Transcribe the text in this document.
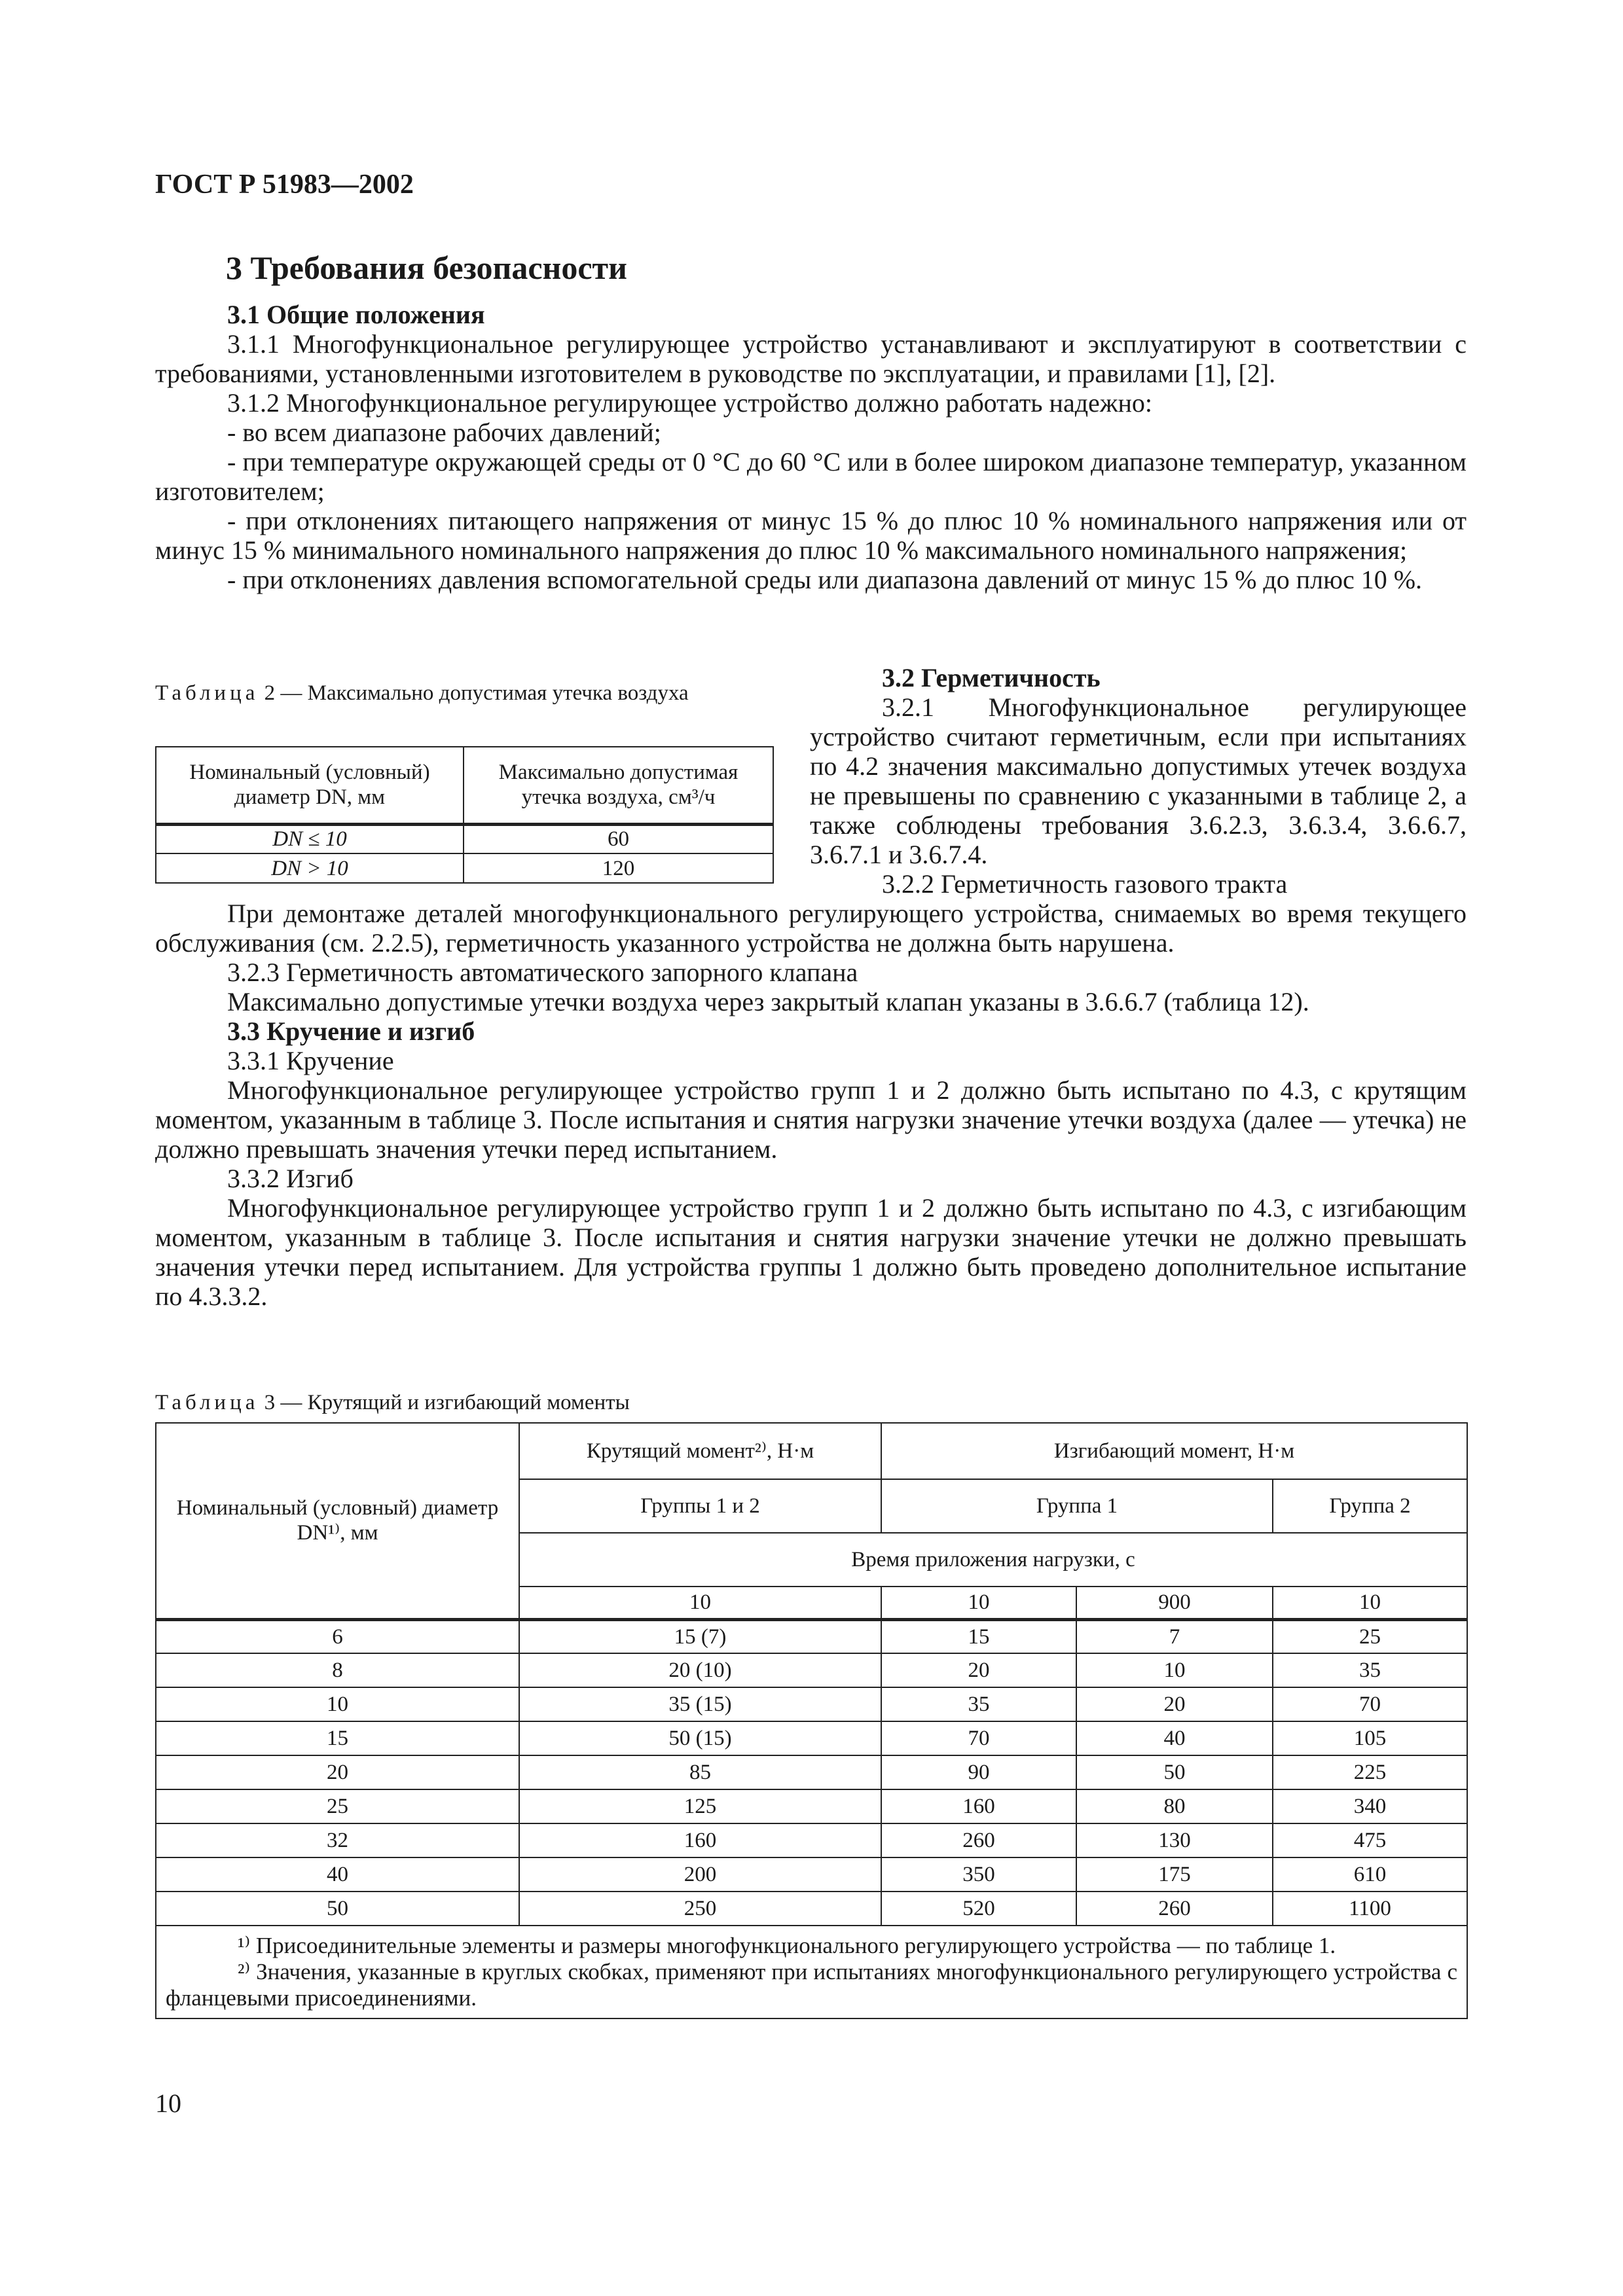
ГОСТ Р 51983—2002
3 Требования безопасности

3.1 Общие положения

3.1.1 Многофункциональное регулирующее устройство устанавливают и эксплуатируют в соответствии с требованиями, установленными изготовителем в руководстве по эксплуатации, и правилами [1], [2].

3.1.2 Многофункциональное регулирующее устройство должно работать надежно:

- во всем диапазоне рабочих давлений;

- при температуре окружающей среды от 0 °С до 60 °С или в более широком диапазоне температур, указанном изготовителем;

- при отклонениях питающего напряжения от минус 15 % до плюс 10 % номинального напряжения или от минус 15 % минимального номинального напряжения до плюс 10 % максимального номинального напряжения;

- при отклонениях давления вспомогательной среды или диапазона давлений от минус 15 % до плюс 10 %.

Таблица 2 — Максимально допустимая утечка воздуха
Номинальный (условный) диаметр DN, мм	Максимально допустимая утечка воздуха, см³/ч
DN ≤ 10	60
DN > 10	120

3.2 Герметичность

3.2.1 Многофункциональное регулирующее устройство считают герметичным, если при испытаниях по 4.2 значения максимально допустимых утечек воздуха не превышены по сравнению с указанными в таблице 2, а также соблюдены требования 3.6.2.3, 3.6.3.4, 3.6.6.7, 3.6.7.1 и 3.6.7.4.

3.2.2 Герметичность газового тракта

При демонтаже деталей многофункционального регулирующего устройства, снимаемых во время текущего обслуживания (см. 2.2.5), герметичность указанного устройства не должна быть нарушена.

3.2.3 Герметичность автоматического запорного клапана

Максимально допустимые утечки воздуха через закрытый клапан указаны в 3.6.6.7 (таблица 12).

3.3 Кручение и изгиб

3.3.1 Кручение

Многофункциональное регулирующее устройство групп 1 и 2 должно быть испытано по 4.3, с крутящим моментом, указанным в таблице 3. После испытания и снятия нагрузки значение утечки воздуха (далее — утечка) не должно превышать значения утечки перед испытанием.

3.3.2 Изгиб

Многофункциональное регулирующее устройство групп 1 и 2 должно быть испытано по 4.3, с изгибающим моментом, указанным в таблице 3. После испытания и снятия нагрузки значение утечки не должно превышать значения утечки перед испытанием. Для устройства группы 1 должно быть проведено дополнительное испытание по 4.3.3.2.

Таблица 3 — Крутящий и изгибающий моменты
Номинальный (условный) диаметр DN¹⁾, мм	Крутящий момент²⁾, Н·м	Изгибающий момент, Н·м		
	Группы 1 и 2	Группа 1		Группа 2
	Время приложения нагрузки, с			
	10	10	900	10
6	15 (7)	15	7	25
8	20 (10)	20	10	35
10	35 (15)	35	20	70
15	50 (15)	70	40	105
20	85	90	50	225
25	125	160	80	340
32	160	260	130	475
40	200	350	175	610
50	250	520	260	1100

¹⁾ Присоединительные элементы и размеры многофункционального регулирующего устройства — по таблице 1.

²⁾ Значения, указанные в круглых скобках, применяют при испытаниях многофункционального регулирующего устройства с фланцевыми присоединениями.				

10
